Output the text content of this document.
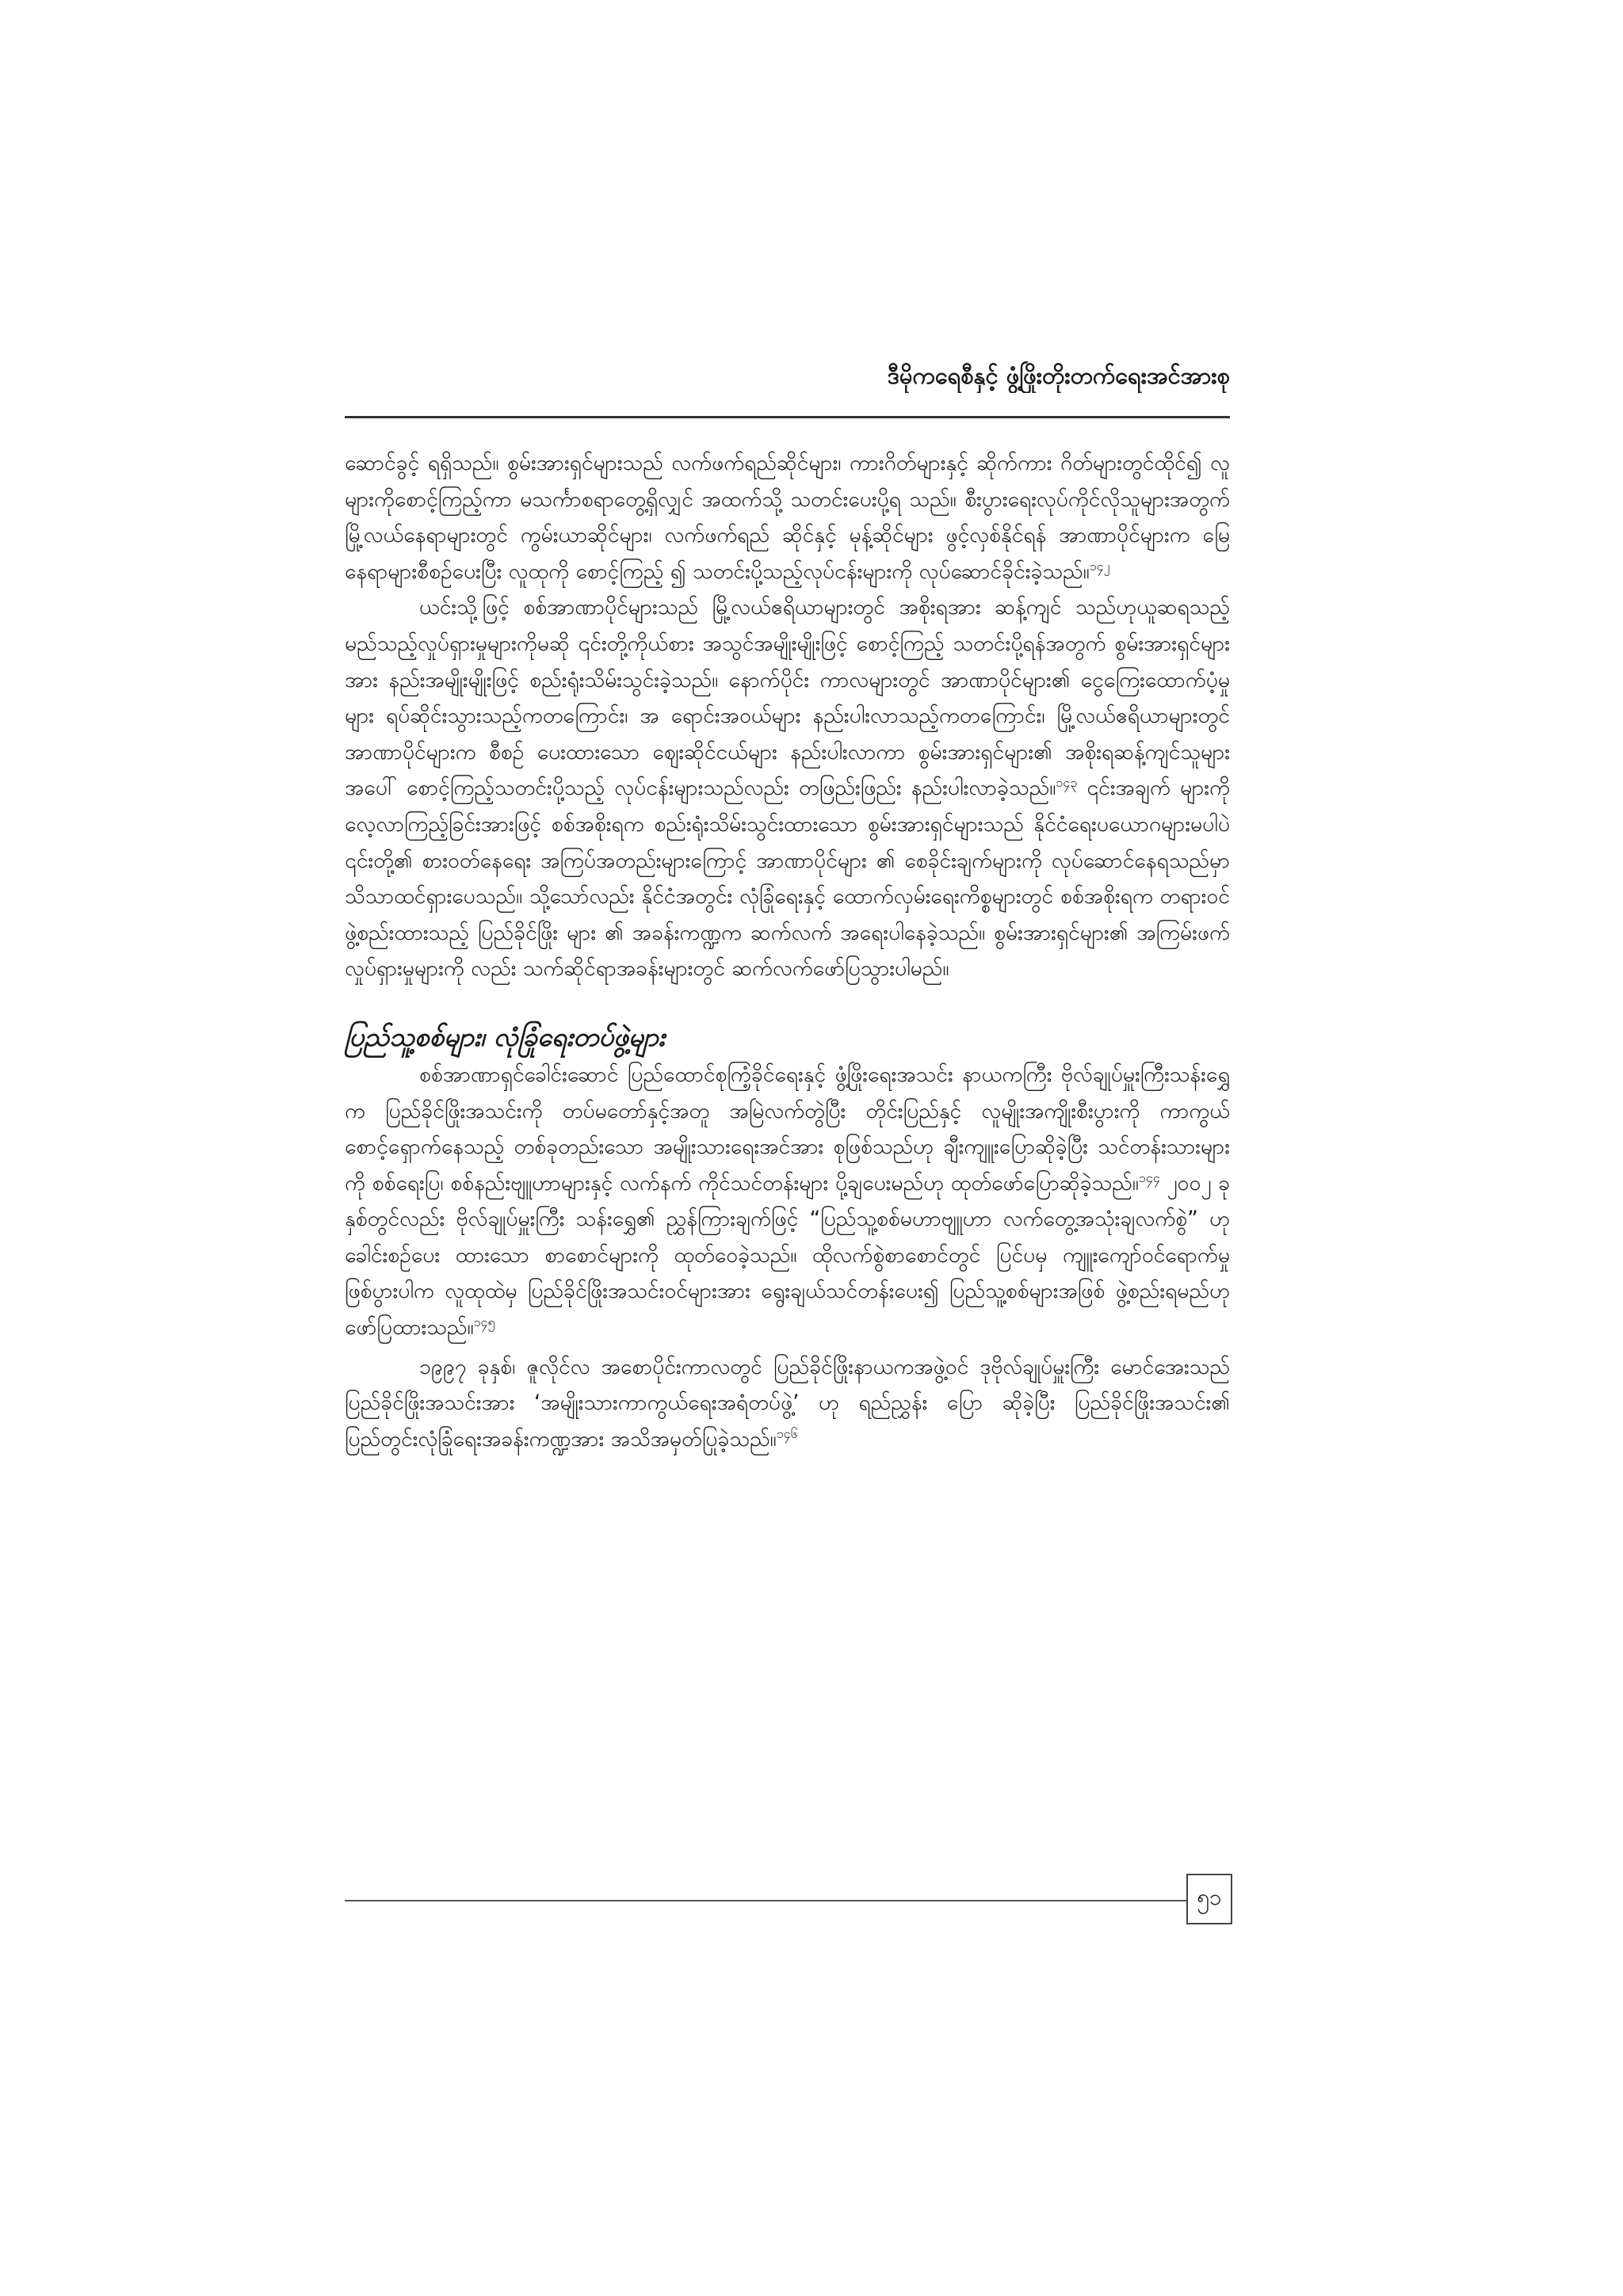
ဒီမိုကရေစီနှင့် ဖွံ့ဖြိုးတိုးတက်ရေးအင်အားစု

ဆောင်ခွင့် ရရှိသည်။ စွမ်းအားရှင်များသည် လက်ဖက်ရည်ဆိုင်များ၊ ကားဂိတ်များနှင့် ဆိုက်ကား ဂိတ်များတွင်ထိုင်၍ လူများကိုစောင့်ကြည့်ကာ မသင်္ကာစရာတွေ့ရှိလျှင် အထက်သို့ သတင်းပေးပို့ရ သည်။ စီးပွားရေးလုပ်ကိုင်လိုသူများအတွက် မြို့လယ်နေရာများတွင် ကွမ်းယာဆိုင်များ၊ လက်ဖက်ရည် ဆိုင်နှင့် မုန့်ဆိုင်များ ဖွင့်လှစ်နိုင်ရန် အာဏာပိုင်များက မြေနေရာများစီစဉ်ပေးပြီး လူထုကို စောင့်ကြည့် ၍ သတင်းပို့သည့်လုပ်ငန်းများကို လုပ်ဆောင်ခိုင်းခဲ့သည်။$^{၁၄၂}$

ယင်းသို့ဖြင့် စစ်အာဏာပိုင်များသည် မြို့လယ်ဧရိယာများတွင် အစိုးရအား ဆန့်ကျင် သည်ဟုယူဆရသည့် မည်သည့်လှုပ်ရှားမှုများကိုမဆို ၎င်းတို့ကိုယ်စား အသွင်အမျိုးမျိုးဖြင့် စောင့်ကြည့် သတင်းပို့ရန်အတွက် စွမ်းအားရှင်များအား နည်းအမျိုးမျိုးဖြင့် စည်းရုံးသိမ်းသွင်းခဲ့သည်။ နောက်ပိုင်း ကာလများတွင် အာဏာပိုင်များ၏ ငွေကြေးထောက်ပံ့မှုများ ရပ်ဆိုင်းသွားသည့်ကတကြောင်း၊ အ ရောင်းအဝယ်များ နည်းပါးလာသည့်ကတကြောင်း၊ မြို့လယ်ဧရိယာများတွင် အာဏာပိုင်များက စီစဉ် ပေးထားသော ဈေးဆိုင်ငယ်များ နည်းပါးလာကာ စွမ်းအားရှင်များ၏ အစိုးရဆန့်ကျင်သူများအပေါ် စောင့်ကြည့်သတင်းပို့သည့် လုပ်ငန်းများသည်လည်း တဖြည်းဖြည်း နည်းပါးလာခဲ့သည်။$^{၁၄၃}$ ၎င်းအချက် များကို လေ့လာကြည့်ခြင်းအားဖြင့် စစ်အစိုးရက စည်းရုံးသိမ်းသွင်းထားသော စွမ်းအားရှင်များသည် နိုင်ငံရေးပယောဂများမပါပဲ ၎င်းတို့၏ စားဝတ်နေရေး အကြပ်အတည်းများကြောင့် အာဏာပိုင်များ ၏ စေခိုင်းချက်များကို လုပ်ဆောင်နေရသည်မှာ သိသာထင်ရှားပေသည်။ သို့သော်လည်း နိုင်ငံအတွင်း လုံခြုံရေးနှင့် ထောက်လှမ်းရေးကိစ္စများတွင် စစ်အစိုးရက တရားဝင်ဖွဲ့စည်းထားသည့် ပြည်ခိုင်ဖြိုး များ ၏ အခန်းကဏ္ဍက ဆက်လက် အရေးပါနေခဲ့သည်။ စွမ်းအားရှင်များ၏ အကြမ်းဖက်လှုပ်ရှားမှုများကို လည်း သက်ဆိုင်ရာအခန်းများတွင် ဆက်လက်ဖော်ပြသွားပါမည်။

ပြည်သူ့စစ်များ၊ လုံခြုံရေးတပ်ဖွဲ့များ

စစ်အာဏာရှင်ခေါင်းဆောင် ပြည်ထောင်စုကြံ့ခိုင်ရေးနှင့် ဖွံ့ဖြိုးရေးအသင်း နာယကကြီး ဗိုလ်ချုပ်မှူးကြီးသန်းရွှေက ပြည်ခိုင်ဖြိုးအသင်းကို တပ်မတော်နှင့်အတူ အမြဲလက်တွဲပြီး တိုင်းပြည်နှင့် လူမျိုးအကျိုးစီးပွားကို ကာကွယ်စောင့်ရှောက်နေသည့် တစ်ခုတည်းသော အမျိုးသားရေးအင်အား စုဖြစ်သည်ဟု ချီးကျူးပြောဆိုခဲ့ပြီး သင်တန်းသားများကို စစ်ရေးပြ၊ စစ်နည်းဗျူဟာများနှင့် လက်နက် ကိုင်သင်တန်းများ ပို့ချပေးမည်ဟု ထုတ်ဖော်ပြောဆိုခဲ့သည်။$^{၁၄၄}$ ၂၀၀၂ ခုနှစ်တွင်လည်း ဗိုလ်ချုပ်မှူးကြီး သန်းရွှေ၏ ညွှန်ကြားချက်ဖြင့် “ပြည်သူ့စစ်မဟာဗျူဟာ လက်တွေ့အသုံးချလက်စွဲ” ဟု ခေါင်းစဉ်ပေး ထားသော စာစောင်များကို ထုတ်ဝေခဲ့သည်။ ထိုလက်စွဲစာစောင်တွင် ပြင်ပမှ ကျူးကျော်ဝင်ရောက်မှု ဖြစ်ပွားပါက လူထုထဲမှ ပြည်ခိုင်ဖြိုးအသင်းဝင်များအား ရွေးချယ်သင်တန်းပေး၍ ပြည်သူ့စစ်များအဖြစ် ဖွဲ့စည်းရမည်ဟု ဖော်ပြထားသည်။$^{၁၄၅}$

၁၉၉၇ ခုနှစ်၊ ဇူလိုင်လ အစောပိုင်းကာလတွင် ပြည်ခိုင်ဖြိုးနာယကအဖွဲ့ဝင် ဒုဗိုလ်ချုပ်မှူးကြီး မောင်အေးသည် ပြည်ခိုင်ဖြိုးအသင်းအား ‘အမျိုးသားကာကွယ်ရေးအရံတပ်ဖွဲ့’ ဟု ရည်ညွှန်း ပြော ဆိုခဲ့ပြီး ပြည်ခိုင်ဖြိုးအသင်း၏ ပြည်တွင်းလုံခြုံရေးအခန်းကဏ္ဍအား အသိအမှတ်ပြုခဲ့သည်။$^{၁၄၆}$

၅၁
